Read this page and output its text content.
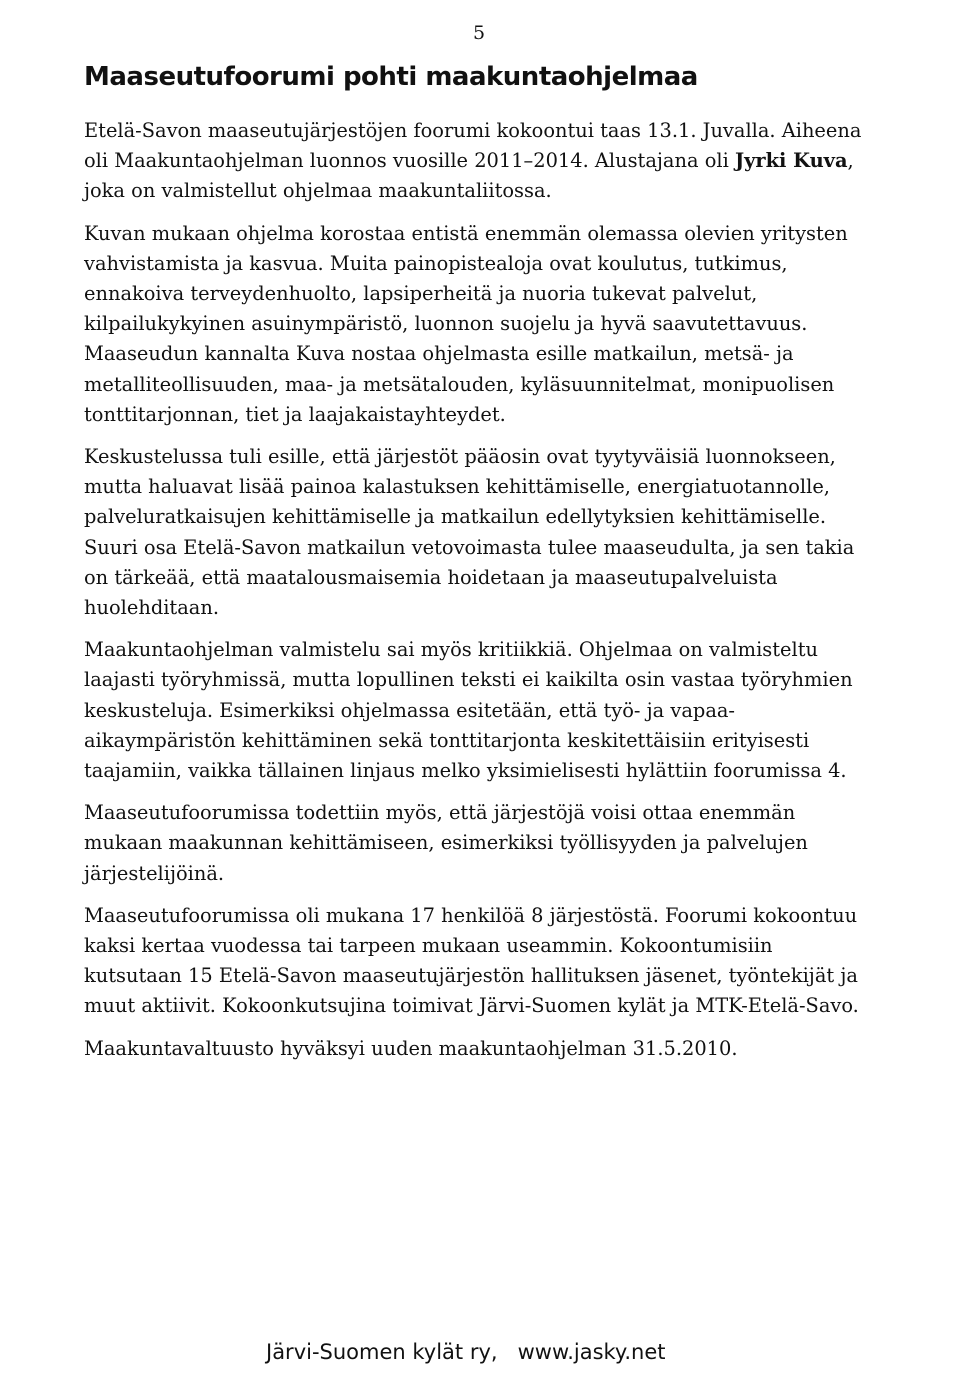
5
Maaseutufoorumi pohti maakuntaohjelmaa

Etelä-Savon maaseutujärjestöjen foorumi kokoontui taas 13.1. Juvalla. Aiheena oli Maakuntaohjelman luonnos vuosille 2011–2014. Alustajana oli Jyrki Kuva, joka on valmistellut ohjelmaa maakuntaliitossa.

Kuvan mukaan ohjelma korostaa entistä enemmän olemassa olevien yritysten vahvistamista ja kasvua. Muita painopistealoja ovat koulutus, tutkimus, ennakoiva terveydenhuolto, lapsiperheitä ja nuoria tukevat palvelut, kilpailukykyinen asuinympäristö, luonnon suojelu ja hyvä saavutettavuus. Maaseudun kannalta Kuva nostaa ohjelmasta esille matkailun, metsä- ja metalliteollisuuden, maa- ja metsätalouden, kyläsuunnitelmat, monipuolisen tonttitarjonnan, tiet ja laajakaistayhteydet.

Keskustelussa tuli esille, että järjestöt pääosin ovat tyytyväisiä luonnokseen, mutta haluavat lisää painoa kalastuksen kehittämiselle, energiatuotannolle, palveluratkaisujen kehittämiselle ja matkailun edellytyksien kehittämiselle. Suuri osa Etelä-Savon matkailun vetovoimasta tulee maaseudulta, ja sen takia on tärkeää, että maatalousmaisemia hoidetaan ja maaseutupalveluista huolehditaan.

Maakuntaohjelman valmistelu sai myös kritiikkiä. Ohjelmaa on valmisteltu laajasti työryhmissä, mutta lopullinen teksti ei kaikilta osin vastaa työryhmien keskusteluja. Esimerkiksi ohjelmassa esitetään, että työ- ja vapaa-aikaympäristön kehittäminen sekä tonttitarjonta keskitettäisiin erityisesti taajamiin, vaikka tällainen linjaus melko yksimielisesti hylättiin foorumissa 4.

Maaseutufoorumissa todettiin myös, että järjestöjä voisi ottaa enemmän mukaan maakunnan kehittämiseen, esimerkiksi työllisyyden ja palvelujen järjestelijöinä.

Maaseutufoorumissa oli mukana 17 henkilöä 8 järjestöstä. Foorumi kokoontuu kaksi kertaa vuodessa tai tarpeen mukaan useammin. Kokoontumisiin kutsutaan 15 Etelä-Savon maaseutujärjestön hallituksen jäsenet, työntekijät ja muut aktiivit. Kokoonkutsujina toimivat Järvi-Suomen kylät ja MTK-Etelä-Savo.

Maakuntavaltuusto hyväksyi uuden maakuntaohjelman 31.5.2010.

Järvi-Suomen kylät ry,   www.jasky.net
